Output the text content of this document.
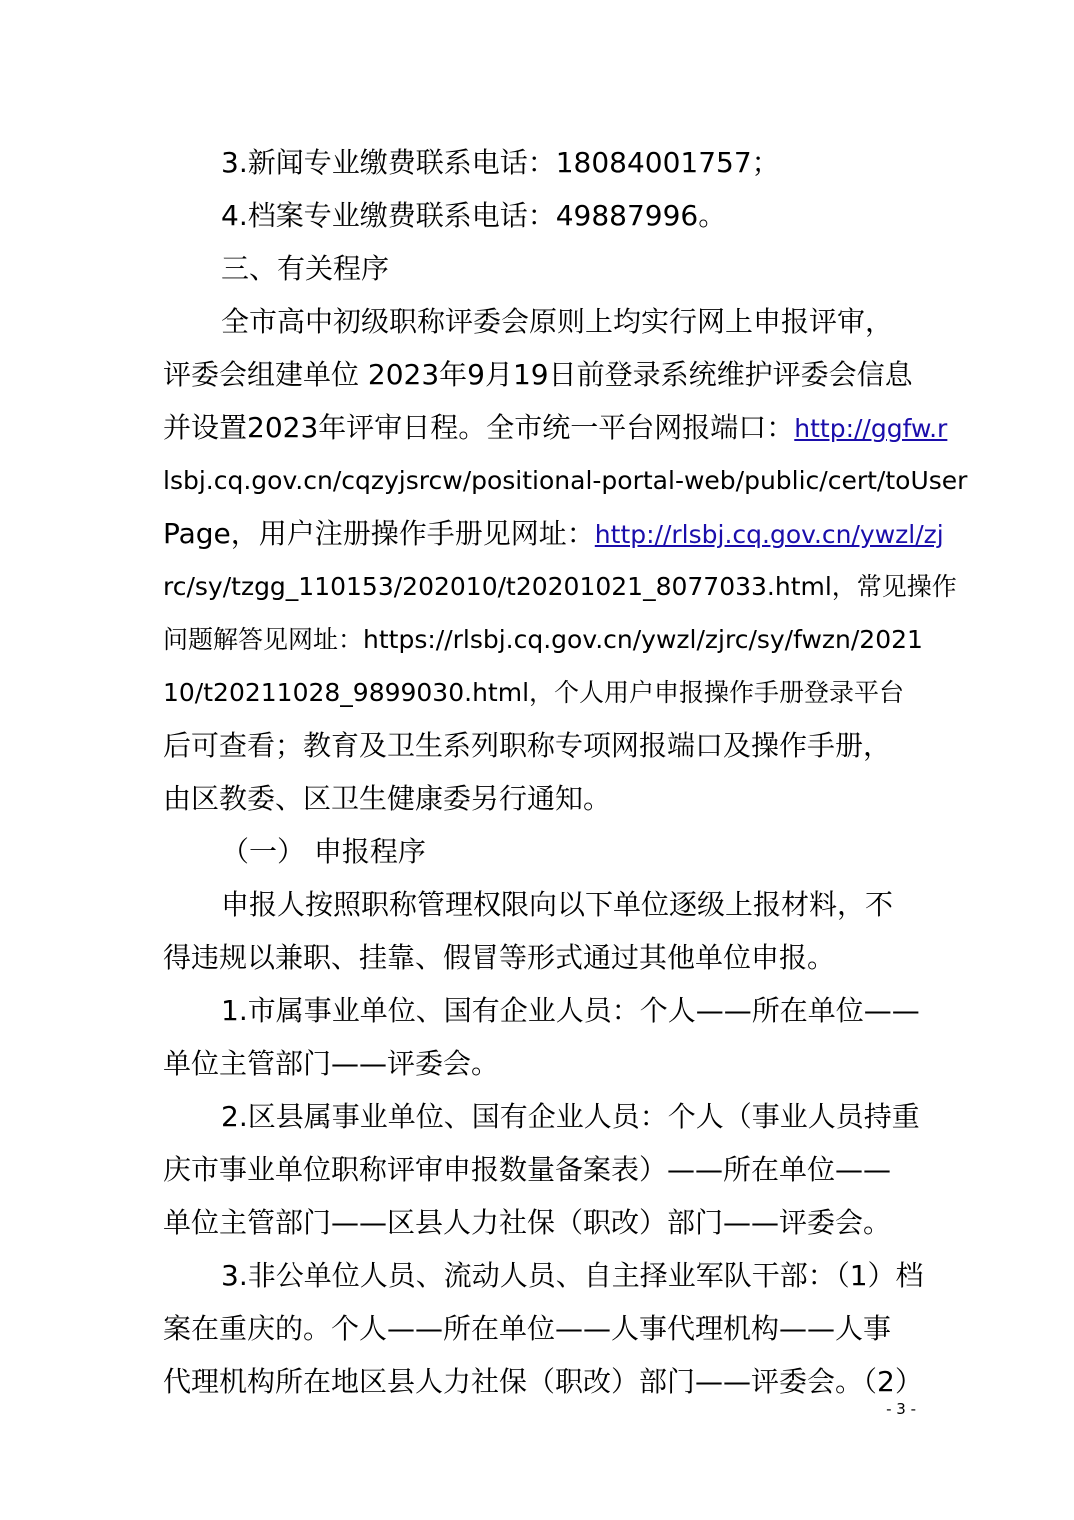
3.新闻专业缴费联系电话：18084001757；
4.档案专业缴费联系电话：49887996。
三、有关程序
全市高中初级职称评委会原则上均实行网上申报评审，
评委会组建单位 2023年9月19日前登录系统维护评委会信息
并设置2023年评审日程。全市统一平台网报端口：http://ggfw.r
lsbj.cq.gov.cn/cqzyjsrcw/positional-portal-web/public/cert/toUser
Page，用户注册操作手册见网址：http://rlsbj.cq.gov.cn/ywzl/zj
rc/sy/tzgg_110153/202010/t20201021_8077033.html，常见操作
问题解答见网址：https://rlsbj.cq.gov.cn/ywzl/zjrc/sy/fwzn/2021
10/t20211028_9899030.html，个人用户申报操作手册登录平台
后可查看；教育及卫生系列职称专项网报端口及操作手册，
由区教委、区卫生健康委另行通知。
（一） 申报程序
申报人按照职称管理权限向以下单位逐级上报材料，不
得违规以兼职、挂靠、假冒等形式通过其他单位申报。
1.市属事业单位、国有企业人员：个人——所在单位——
单位主管部门——评委会。
2.区县属事业单位、国有企业人员：个人（事业人员持重
庆市事业单位职称评审申报数量备案表）——所在单位——
单位主管部门——区县人力社保（职改）部门——评委会。
3.非公单位人员、流动人员、自主择业军队干部：（1）档
案在重庆的。个人——所在单位——人事代理机构——人事
代理机构所在地区县人力社保（职改）部门——评委会。（2）
- 3 -
